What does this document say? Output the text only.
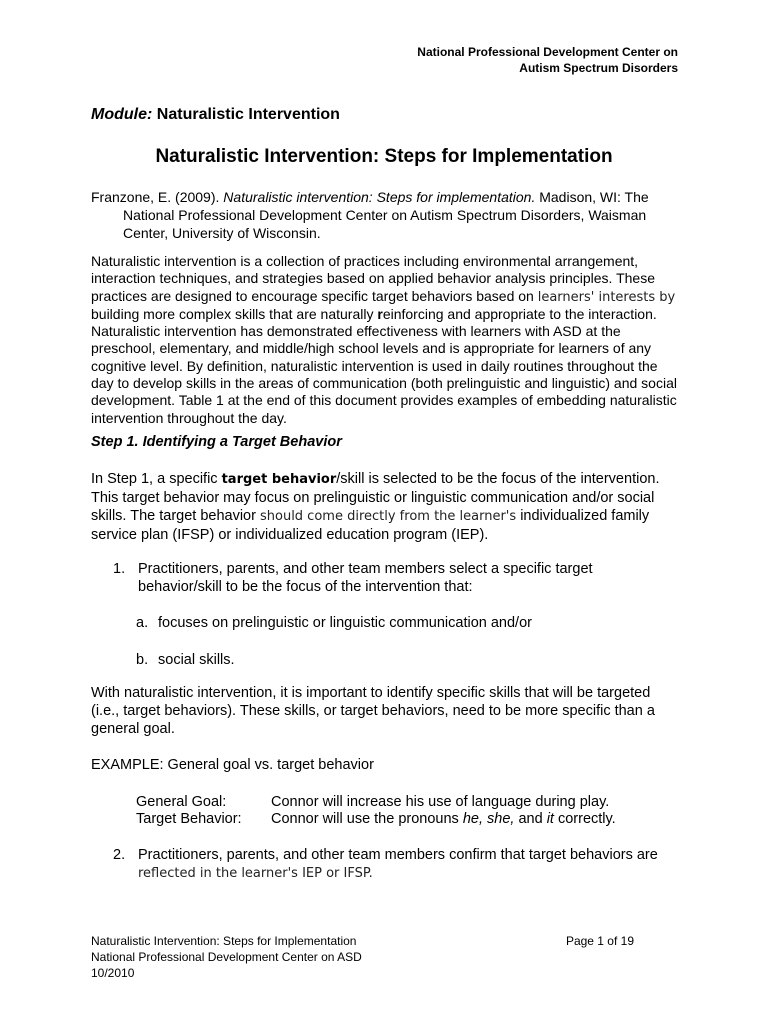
National Professional Development Center on
Autism Spectrum Disorders
Module: Naturalistic Intervention
Naturalistic Intervention: Steps for Implementation
Franzone, E. (2009). Naturalistic intervention: Steps for implementation. Madison, WI: The National Professional Development Center on Autism Spectrum Disorders, Waisman Center, University of Wisconsin.
Naturalistic intervention is a collection of practices including environmental arrangement, interaction techniques, and strategies based on applied behavior analysis principles. These practices are designed to encourage specific target behaviors based on learners' interests by building more complex skills that are naturally reinforcing and appropriate to the interaction. Naturalistic intervention has demonstrated effectiveness with learners with ASD at the preschool, elementary, and middle/high school levels and is appropriate for learners of any cognitive level. By definition, naturalistic intervention is used in daily routines throughout the day to develop skills in the areas of communication (both prelinguistic and linguistic) and social development. Table 1 at the end of this document provides examples of embedding naturalistic intervention throughout the day.
Step 1. Identifying a Target Behavior
In Step 1, a specific target behavior/skill is selected to be the focus of the intervention. This target behavior may focus on prelinguistic or linguistic communication and/or social skills. The target behavior should come directly from the learner's individualized family service plan (IFSP) or individualized education program (IEP).
1. Practitioners, parents, and other team members select a specific target behavior/skill to be the focus of the intervention that:
a. focuses on prelinguistic or linguistic communication and/or
b. social skills.
With naturalistic intervention, it is important to identify specific skills that will be targeted (i.e., target behaviors). These skills, or target behaviors, need to be more specific than a general goal.
EXAMPLE: General goal vs. target behavior
General Goal:	Connor will increase his use of language during play.
Target Behavior:	Connor will use the pronouns he, she, and it correctly.
2. Practitioners, parents, and other team members confirm that target behaviors are
reflected in the learner's IEP or IFSP.
Naturalistic Intervention: Steps for Implementation
National Professional Development Center on ASD
10/2010
Page 1 of 19
